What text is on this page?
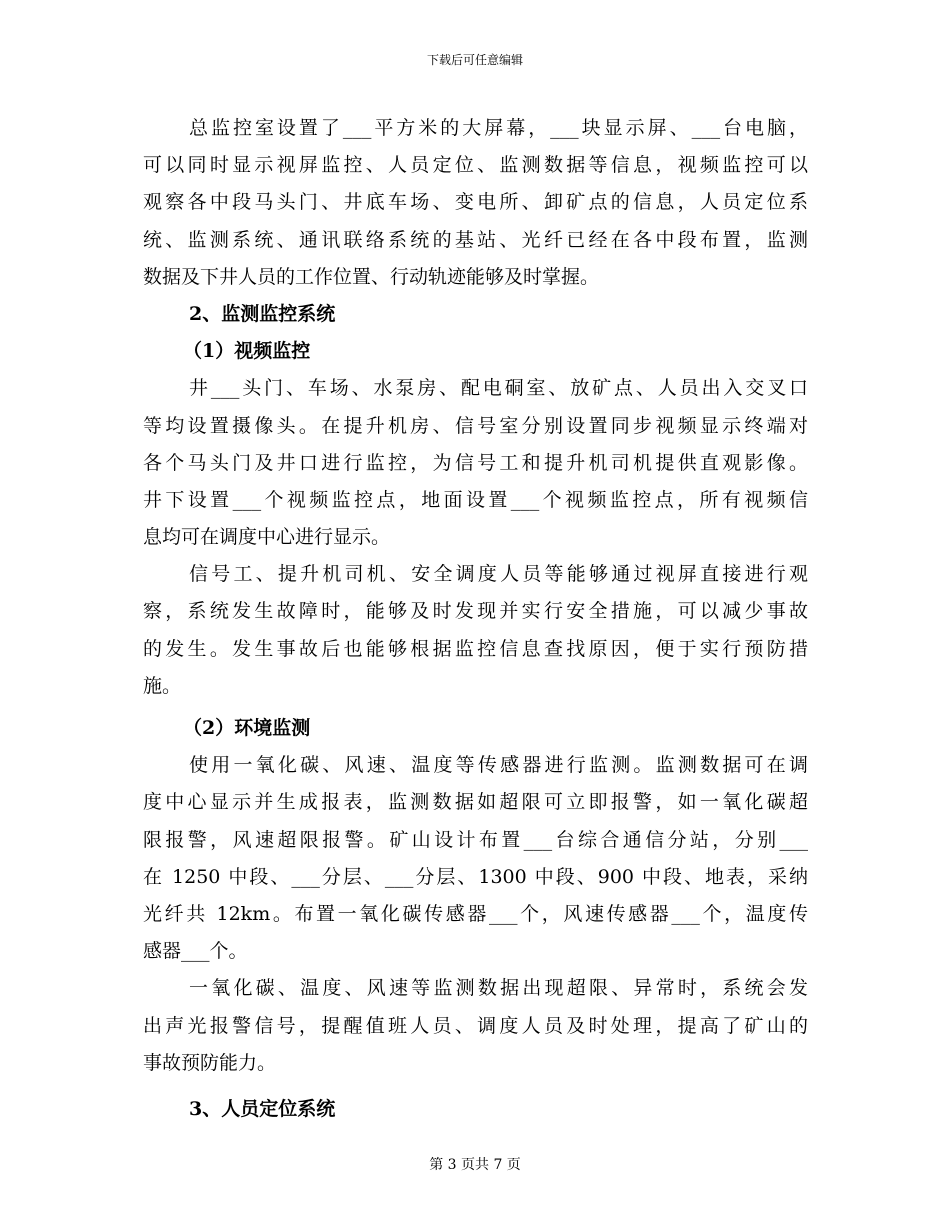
下载后可任意编辑
总监控室设置了___平方米的大屏幕，___块显示屏、___台电脑，
可以同时显示视屏监控、人员定位、监测数据等信息，视频监控可以
观察各中段马头门、井底车场、变电所、卸矿点的信息，人员定位系
统、监测系统、通讯联络系统的基站、光纤已经在各中段布置，监测
数据及下井人员的工作位置、行动轨迹能够及时掌握。
2、监测监控系统
（1）视频监控
井___头门、车场、水泵房、配电硐室、放矿点、人员出入交叉口
等均设置摄像头。在提升机房、信号室分别设置同步视频显示终端对
各个马头门及井口进行监控，为信号工和提升机司机提供直观影像。
井下设置___个视频监控点，地面设置___个视频监控点，所有视频信
息均可在调度中心进行显示。
信号工、提升机司机、安全调度人员等能够通过视屏直接进行观
察，系统发生故障时，能够及时发现并实行安全措施，可以减少事故
的发生。发生事故后也能够根据监控信息查找原因，便于实行预防措
施。
（2）环境监测
使用一氧化碳、风速、温度等传感器进行监测。监测数据可在调
度中心显示并生成报表，监测数据如超限可立即报警，如一氧化碳超
限报警，风速超限报警。矿山设计布置___台综合通信分站，分别___
在 1250 中段、___分层、___分层、1300 中段、900 中段、地表，采纳
光纤共 12km。布置一氧化碳传感器___个，风速传感器___个，温度传
感器___个。
一氧化碳、温度、风速等监测数据出现超限、异常时，系统会发
出声光报警信号，提醒值班人员、调度人员及时处理，提高了矿山的
事故预防能力。
3、人员定位系统
第 3 页共 7 页
